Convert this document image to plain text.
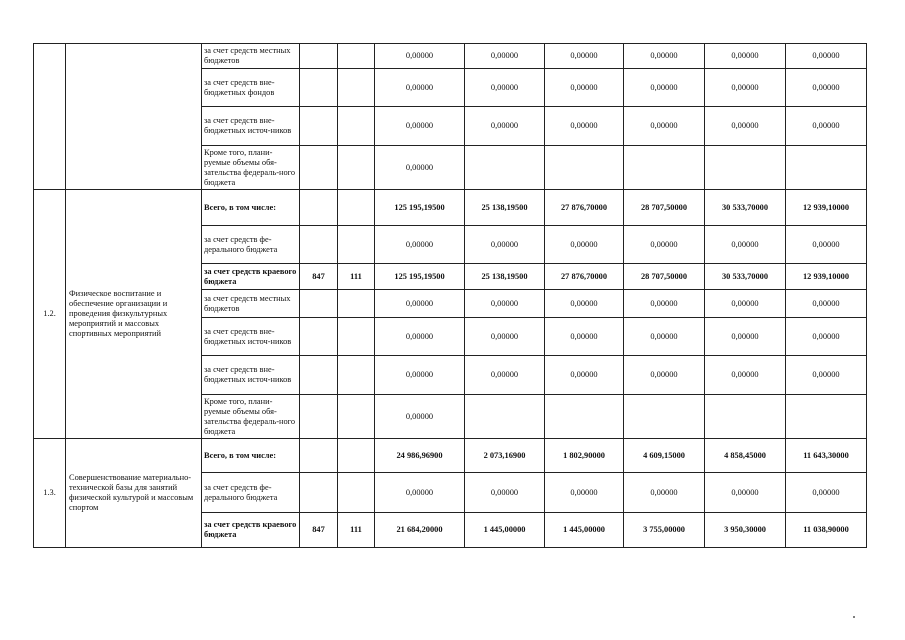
		за счет средств местных бюджетов			0,00000	0,00000	0,00000	0,00000	0,00000	0,00000
		за счет средств вне-бюджетных фондов			0,00000	0,00000	0,00000	0,00000	0,00000	0,00000
		за счет средств вне-бюджетных источ-ников			0,00000	0,00000	0,00000	0,00000	0,00000	0,00000
		Кроме того, плани-руемые объемы обя-зательства федераль-ного бюджета			0,00000					
1.2.	Физическое воспитание и обеспечение организации и проведения физкультурных мероприятий и массовых спортивных мероприятий	Всего, в том числе:			125 195,19500	25 138,19500	27 876,70000	28 707,50000	30 533,70000	12 939,10000
		за счет средств фе-дерального бюджета			0,00000	0,00000	0,00000	0,00000	0,00000	0,00000
		за счет средств краевого бюджета	847	111	125 195,19500	25 138,19500	27 876,70000	28 707,50000	30 533,70000	12 939,10000
		за счет средств местных бюджетов			0,00000	0,00000	0,00000	0,00000	0,00000	0,00000
		за счет средств вне-бюджетных источ-ников			0,00000	0,00000	0,00000	0,00000	0,00000	0,00000
		за счет средств вне-бюджетных источ-ников			0,00000	0,00000	0,00000	0,00000	0,00000	0,00000
		Кроме того, плани-руемые объемы обя-зательства федераль-ного бюджета			0,00000					
1.3.	Совершенствование материально-технической базы для занятий физической культурой и массовым спортом	Всего, в том числе:			24 986,96900	2 073,16900	1 802,90000	4 609,15000	4 858,45000	11 643,30000
		за счет средств фе-дерального бюджета			0,00000	0,00000	0,00000	0,00000	0,00000	0,00000
		за счет средств краевого бюджета	847	111	21 684,20000	1 445,00000	1 445,00000	3 755,00000	3 950,30000	11 038,90000
